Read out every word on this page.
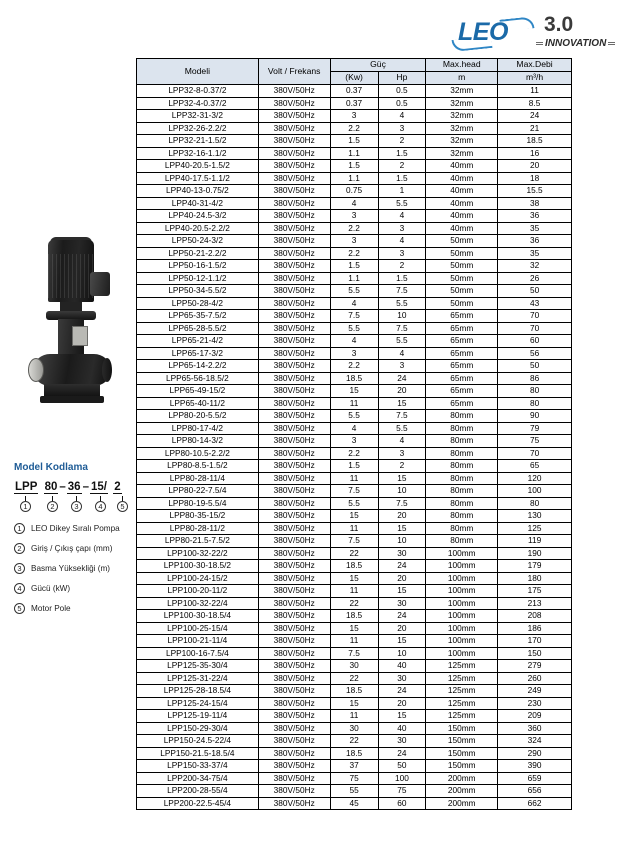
LEO 3.0
INNOVATION
Model Kodlama
LPP 80 – 36 – 15/ 2
1	2	3	4	5
1	LEO Dikey Sıralı Pompa
2	Giriş / Çıkış çapı (mm)
3	Basma Yüksekliği (m)
4	Gücü (kW)
5	Motor Pole
Modeli	Volt / Frekans	Güç		Max.head	Max.Debi
		(Kw)	Hp	m	m³/h
LPP32-8-0.37/2	380V/50Hz	0.37	0.5	32mm	11
LPP32-4-0.37/2	380V/50Hz	0.37	0.5	32mm	8.5
LPP32-31-3/2	380V/50Hz	3	4	32mm	24
LPP32-26-2.2/2	380V/50Hz	2.2	3	32mm	21
LPP32-21-1.5/2	380V/50Hz	1.5	2	32mm	18.5
LPP32-16-1.1/2	380V/50Hz	1.1	1.5	32mm	16
LPP40-20.5-1.5/2	380V/50Hz	1.5	2	40mm	20
LPP40-17.5-1.1/2	380V/50Hz	1.1	1.5	40mm	18
LPP40-13-0.75/2	380V/50Hz	0.75	1	40mm	15.5
LPP40-31-4/2	380V/50Hz	4	5.5	40mm	38
LPP40-24.5-3/2	380V/50Hz	3	4	40mm	36
LPP40-20.5-2.2/2	380V/50Hz	2.2	3	40mm	35
LPP50-24-3/2	380V/50Hz	3	4	50mm	36
LPP50-21-2.2/2	380V/50Hz	2.2	3	50mm	35
LPP50-16-1.5/2	380V/50Hz	1.5	2	50mm	32
LPP50-12-1.1/2	380V/50Hz	1.1	1.5	50mm	26
LPP50-34-5.5/2	380V/50Hz	5.5	7.5	50mm	50
LPP50-28-4/2	380V/50Hz	4	5.5	50mm	43
LPP65-35-7.5/2	380V/50Hz	7.5	10	65mm	70
LPP65-28-5.5/2	380V/50Hz	5.5	7.5	65mm	70
LPP65-21-4/2	380V/50Hz	4	5.5	65mm	60
LPP65-17-3/2	380V/50Hz	3	4	65mm	56
LPP65-14-2.2/2	380V/50Hz	2.2	3	65mm	50
LPP65-56-18.5/2	380V/50Hz	18.5	24	65mm	86
LPP65-49-15/2	380V/50Hz	15	20	65mm	80
LPP65-40-11/2	380V/50Hz	11	15	65mm	80
LPP80-20-5.5/2	380V/50Hz	5.5	7.5	80mm	90
LPP80-17-4/2	380V/50Hz	4	5.5	80mm	79
LPP80-14-3/2	380V/50Hz	3	4	80mm	75
LPP80-10.5-2.2/2	380V/50Hz	2.2	3	80mm	70
LPP80-8.5-1.5/2	380V/50Hz	1.5	2	80mm	65
LPP80-28-11/4	380V/50Hz	11	15	80mm	120
LPP80-22-7.5/4	380V/50Hz	7.5	10	80mm	100
LPP80-19-5.5/4	380V/50Hz	5.5	7.5	80mm	80
LPP80-35-15/2	380V/50Hz	15	20	80mm	130
LPP80-28-11/2	380V/50Hz	11	15	80mm	125
LPP80-21.5-7.5/2	380V/50Hz	7.5	10	80mm	119
LPP100-32-22/2	380V/50Hz	22	30	100mm	190
LPP100-30-18.5/2	380V/50Hz	18.5	24	100mm	179
LPP100-24-15/2	380V/50Hz	15	20	100mm	180
LPP100-20-11/2	380V/50Hz	11	15	100mm	175
LPP100-32-22/4	380V/50Hz	22	30	100mm	213
LPP100-30-18.5/4	380V/50Hz	18.5	24	100mm	208
LPP100-25-15/4	380V/50Hz	15	20	100mm	186
LPP100-21-11/4	380V/50Hz	11	15	100mm	170
LPP100-16-7.5/4	380V/50Hz	7.5	10	100mm	150
LPP125-35-30/4	380V/50Hz	30	40	125mm	279
LPP125-31-22/4	380V/50Hz	22	30	125mm	260
LPP125-28-18.5/4	380V/50Hz	18.5	24	125mm	249
LPP125-24-15/4	380V/50Hz	15	20	125mm	230
LPP125-19-11/4	380V/50Hz	11	15	125mm	209
LPP150-29-30/4	380V/50Hz	30	40	150mm	360
LPP150-24.5-22/4	380V/50Hz	22	30	150mm	324
LPP150-21.5-18.5/4	380V/50Hz	18.5	24	150mm	290
LPP150-33-37/4	380V/50Hz	37	50	150mm	390
LPP200-34-75/4	380V/50Hz	75	100	200mm	659
LPP200-28-55/4	380V/50Hz	55	75	200mm	656
LPP200-22.5-45/4	380V/50Hz	45	60	200mm	662
